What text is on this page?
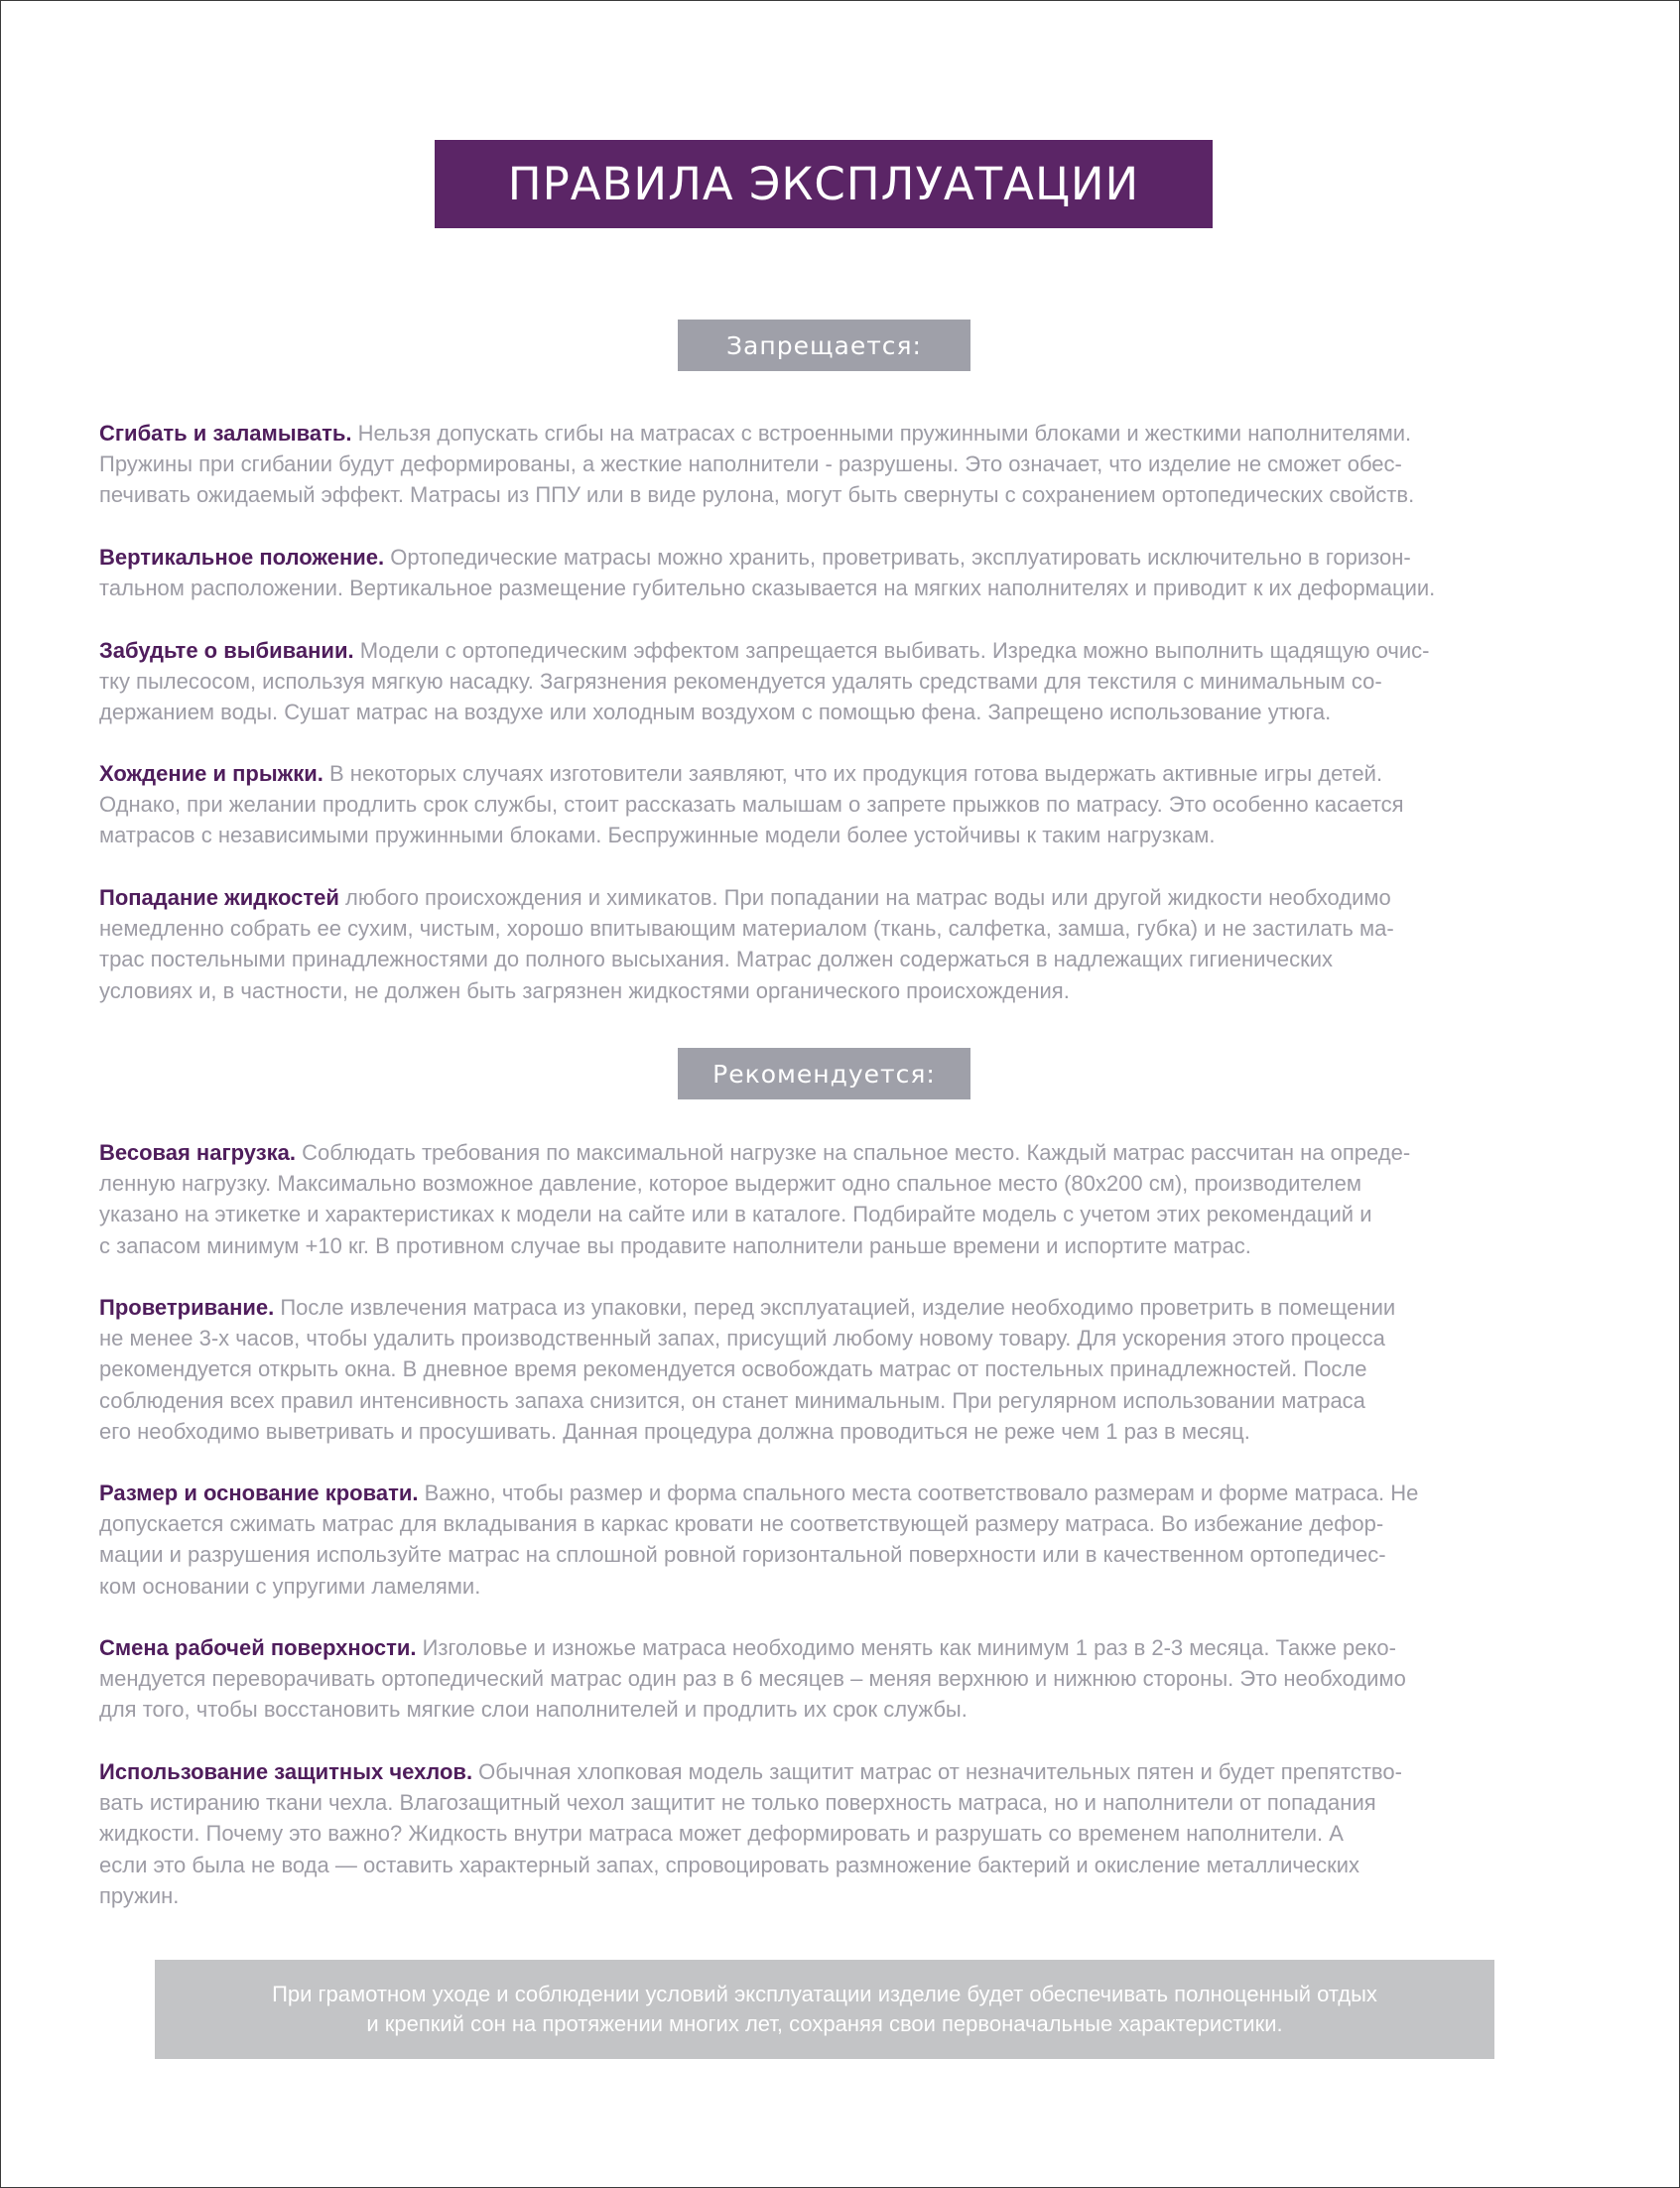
ПРАВИЛА ЭКСПЛУАТАЦИИ
Запрещается:

Сгибать и заламывать. Нельзя допускать сгибы на матрасах с встроенными пружинными блоками и жесткими наполнителями.
Пружины при сгибании будут деформированы, а жесткие наполнители - разрушены. Это означает, что изделие не сможет обес-
печивать ожидаемый эффект. Матрасы из ППУ или в виде рулона, могут быть свернуты с сохранением ортопедических свойств.

Вертикальное положение. Ортопедические матрасы можно хранить, проветривать, эксплуатировать исключительно в горизон-
тальном расположении. Вертикальное размещение губительно сказывается на мягких наполнителях и приводит к их деформации.

Забудьте о выбивании. Модели с ортопедическим эффектом запрещается выбивать. Изредка можно выполнить щадящую очис-
тку пылесосом, используя мягкую насадку. Загрязнения рекомендуется удалять средствами для текстиля с минимальным со-
держанием воды. Сушат матрас на воздухе или холодным воздухом с помощью фена. Запрещено использование утюга.

Хождение и прыжки. В некоторых случаях изготовители заявляют, что их продукция готова выдержать активные игры детей.
Однако, при желании продлить срок службы, стоит рассказать малышам о запрете прыжков по матрасу. Это особенно касается
матрасов с независимыми пружинными блоками. Беспружинные модели более устойчивы к таким нагрузкам.

Попадание жидкостей любого происхождения и химикатов. При попадании на матрас воды или другой жидкости необходимо
немедленно собрать ее сухим, чистым, хорошо впитывающим материалом (ткань, салфетка, замша, губка) и не застилать ма-
трас постельными принадлежностями до полного высыхания. Матрас должен содержаться в надлежащих гигиенических
условиях и, в частности, не должен быть загрязнен жидкостями органического происхождения.

Рекомендуется:

Весовая нагрузка. Соблюдать требования по максимальной нагрузке на спальное место. Каждый матрас рассчитан на опреде-
ленную нагрузку. Максимально возможное давление, которое выдержит одно спальное место (80x200 см), производителем
указано на этикетке и характеристиках к модели на сайте или в каталоге. Подбирайте модель с учетом этих рекомендаций и
с запасом минимум +10 кг. В противном случае вы продавите наполнители раньше времени и испортите матрас.

Проветривание. После извлечения матраса из упаковки, перед эксплуатацией, изделие необходимо проветрить в помещении
не менее 3-х часов, чтобы удалить производственный запах, присущий любому новому товару. Для ускорения этого процесса
рекомендуется открыть окна. В дневное время рекомендуется освобождать матрас от постельных принадлежностей. После
соблюдения всех правил интенсивность запаха снизится, он станет минимальным. При регулярном использовании матраса
его необходимо выветривать и просушивать. Данная процедура должна проводиться не реже чем 1 раз в месяц.

Размер и основание кровати. Важно, чтобы размер и форма спального места соответствовало размерам и форме матраса. Не
допускается сжимать матрас для вкладывания в каркас кровати не соответствующей размеру матраса. Во избежание дефор-
мации и разрушения используйте матрас на сплошной ровной горизонтальной поверхности или в качественном ортопедичес-
ком основании с упругими ламелями.

Смена рабочей поверхности. Изголовье и изножье матраса необходимо менять как минимум 1 раз в 2-3 месяца. Также реко-
мендуется переворачивать ортопедический матрас один раз в 6 месяцев – меняя верхнюю и нижнюю стороны. Это необходимо
для того, чтобы восстановить мягкие слои наполнителей и продлить их срок службы.

Использование защитных чехлов. Обычная хлопковая модель защитит матрас от незначительных пятен и будет препятство-
вать истиранию ткани чехла. Влагозащитный чехол защитит не только поверхность матраса, но и наполнители от попадания
жидкости. Почему это важно? Жидкость внутри матраса может деформировать и разрушать со временем наполнители. А
если это была не вода — оставить характерный запах, спровоцировать размножение бактерий и окисление металлических
пружин.

При грамотном уходе и соблюдении условий эксплуатации изделие будет обеспечивать полноценный отдых
и крепкий сон на протяжении многих лет, сохраняя свои первоначальные характеристики.
